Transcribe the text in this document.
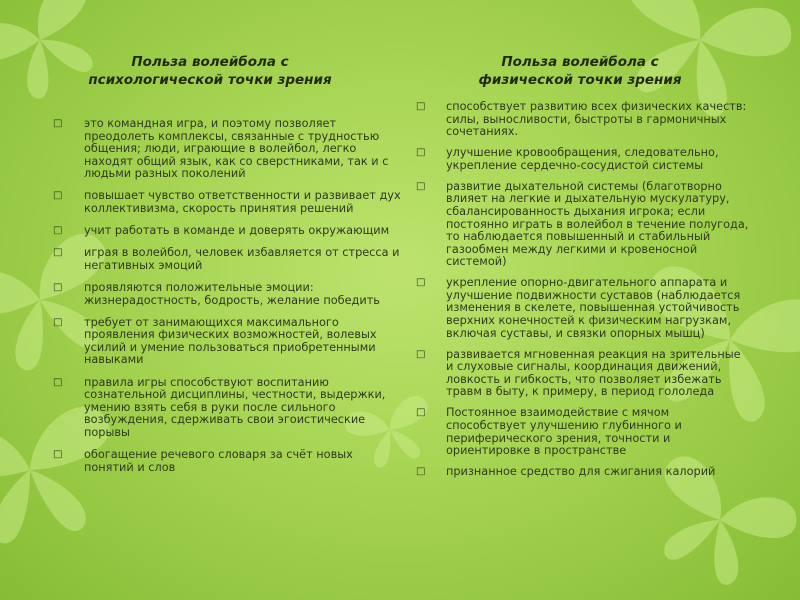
Польза волейбола с
психологической точки зрения
□ это командная игра, и поэтому позволяет преодолеть комплексы, связанные с трудностью общения; люди, играющие в волейбол, легко находят общий язык, как со сверстниками, так и с людьми разных поколений
□ повышает чувство ответственности и развивает дух коллективизма, скорость принятия решений
□ учит работать в команде и доверять окружающим
□ играя в волейбол, человек избавляется от стресса и негативных эмоций
□ проявляются положительные эмоции: жизнерадостность, бодрость, желание победить
□ требует от занимающихся максимального проявления физических возможностей, волевых усилий и умение пользоваться приобретенными навыками
□ правила игры способствуют воспитанию сознательной дисциплины, честности, выдержки, умению взять себя в руки после сильного возбуждения, сдерживать свои эгоистические порывы
□ обогащение речевого словаря за счёт новых понятий и слов
Польза волейбола с
физической точки зрения
□ способствует развитию всех физических качеств: силы, выносливости, быстроты в гармоничных сочетаниях.
□ улучшение кровообращения, следовательно, укрепление сердечно-сосудистой системы
□ развитие дыхательной системы (благотворно влияет на легкие и дыхательную мускулатуру, сбалансированность дыхания игрока; если постоянно играть в волейбол в течение полугода, то наблюдается повышенный и стабильный газообмен между легкими и кровеносной системой)
□ укрепление опорно-двигательного аппарата и улучшение подвижности суставов (наблюдается изменения в скелете, повышенная устойчивость верхних конечностей к физическим нагрузкам, включая суставы, и связки опорных мышц)
□ развивается мгновенная реакция на зрительные и слуховые сигналы, координация движений, ловкость и гибкость, что позволяет избежать травм в быту, к примеру, в период гололеда
□ Постоянное взаимодействие с мячом способствует улучшению глубинного и периферического зрения, точности и ориентировке в пространстве
□ признанное средство для сжигания калорий
